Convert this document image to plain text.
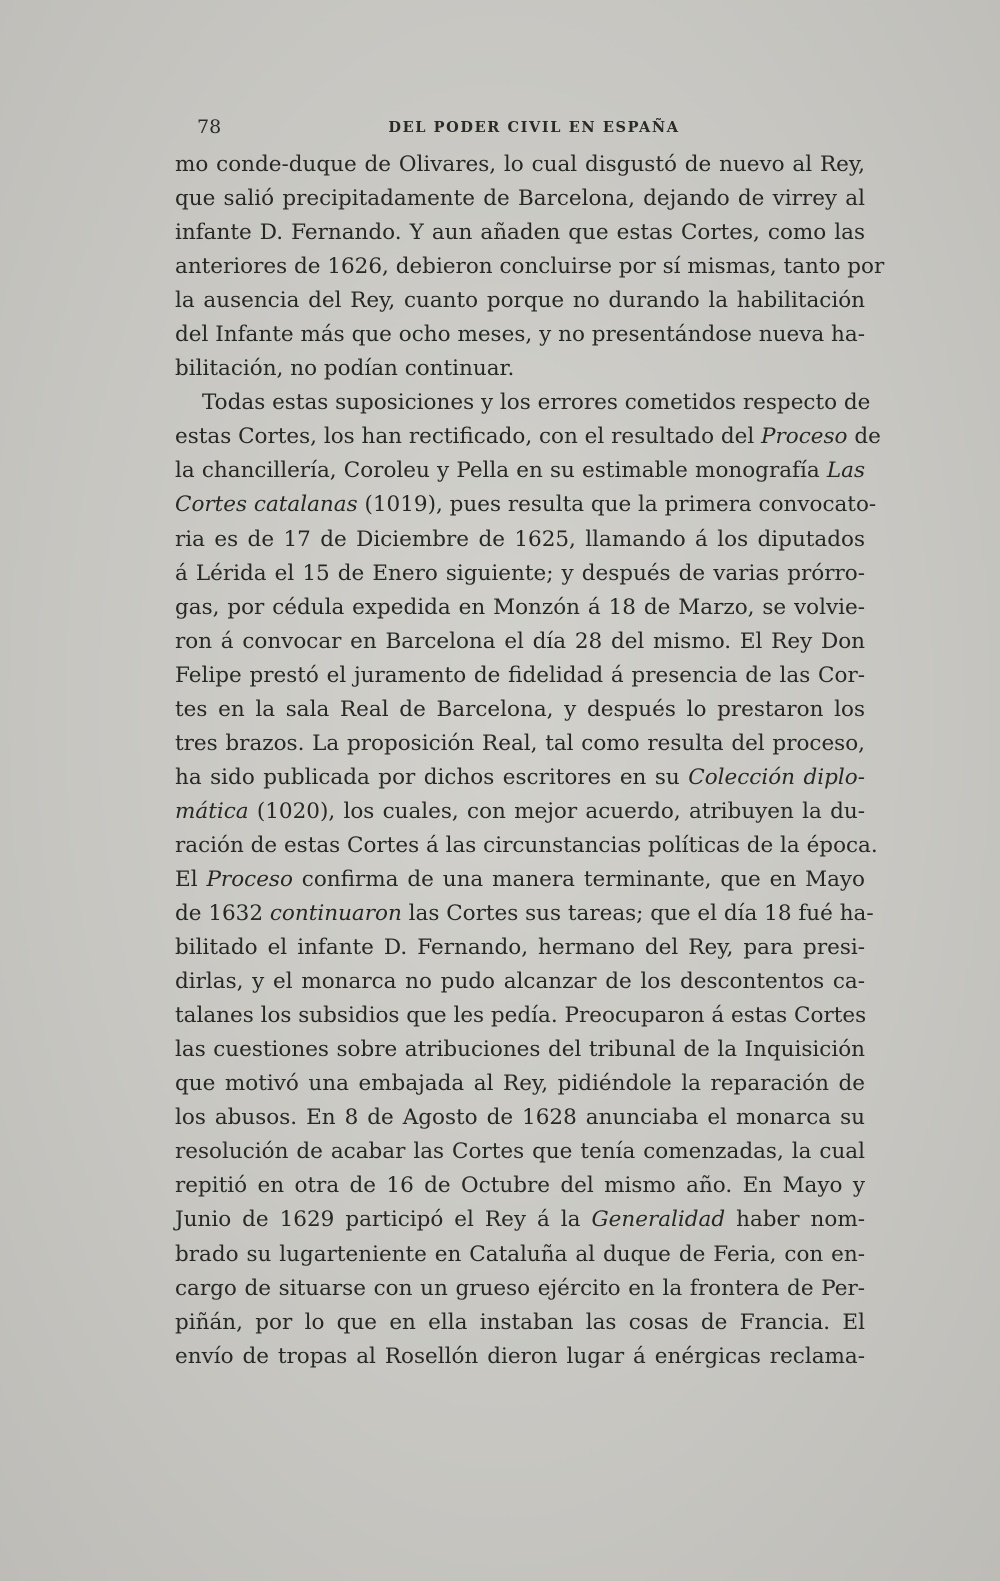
78	DEL PODER CIVIL EN ESPAÑA
mo conde-duque de Olivares, lo cual disgustó de nuevo al Rey,
que salió precipitadamente de Barcelona, dejando de virrey al
infante D. Fernando. Y aun añaden que estas Cortes, como las
anteriores de 1626, debieron concluirse por sí mismas, tanto por
la ausencia del Rey, cuanto porque no durando la habilitación
del Infante más que ocho meses, y no presentándose nueva ha-
bilitación, no podían continuar.
Todas estas suposiciones y los errores cometidos respecto de
estas Cortes, los han rectificado, con el resultado del Proceso de
la chancillería, Coroleu y Pella en su estimable monografía Las
Cortes catalanas (1019), pues resulta que la primera convocato-
ria es de 17 de Diciembre de 1625, llamando á los diputados
á Lérida el 15 de Enero siguiente; y después de varias prórro-
gas, por cédula expedida en Monzón á 18 de Marzo, se volvie-
ron á convocar en Barcelona el día 28 del mismo. El Rey Don
Felipe prestó el juramento de fidelidad á presencia de las Cor-
tes en la sala Real de Barcelona, y después lo prestaron los
tres brazos. La proposición Real, tal como resulta del proceso,
ha sido publicada por dichos escritores en su Colección diplo-
mática (1020), los cuales, con mejor acuerdo, atribuyen la du-
ración de estas Cortes á las circunstancias políticas de la época.
El Proceso confirma de una manera terminante, que en Mayo
de 1632 continuaron las Cortes sus tareas; que el día 18 fué ha-
bilitado el infante D. Fernando, hermano del Rey, para presi-
dirlas, y el monarca no pudo alcanzar de los descontentos ca-
talanes los subsidios que les pedía. Preocuparon á estas Cortes
las cuestiones sobre atribuciones del tribunal de la Inquisición
que motivó una embajada al Rey, pidiéndole la reparación de
los abusos. En 8 de Agosto de 1628 anunciaba el monarca su
resolución de acabar las Cortes que tenía comenzadas, la cual
repitió en otra de 16 de Octubre del mismo año. En Mayo y
Junio de 1629 participó el Rey á la Generalidad haber nom-
brado su lugarteniente en Cataluña al duque de Feria, con en-
cargo de situarse con un grueso ejército en la frontera de Per-
piñán, por lo que en ella instaban las cosas de Francia. El
envío de tropas al Rosellón dieron lugar á enérgicas reclama-
